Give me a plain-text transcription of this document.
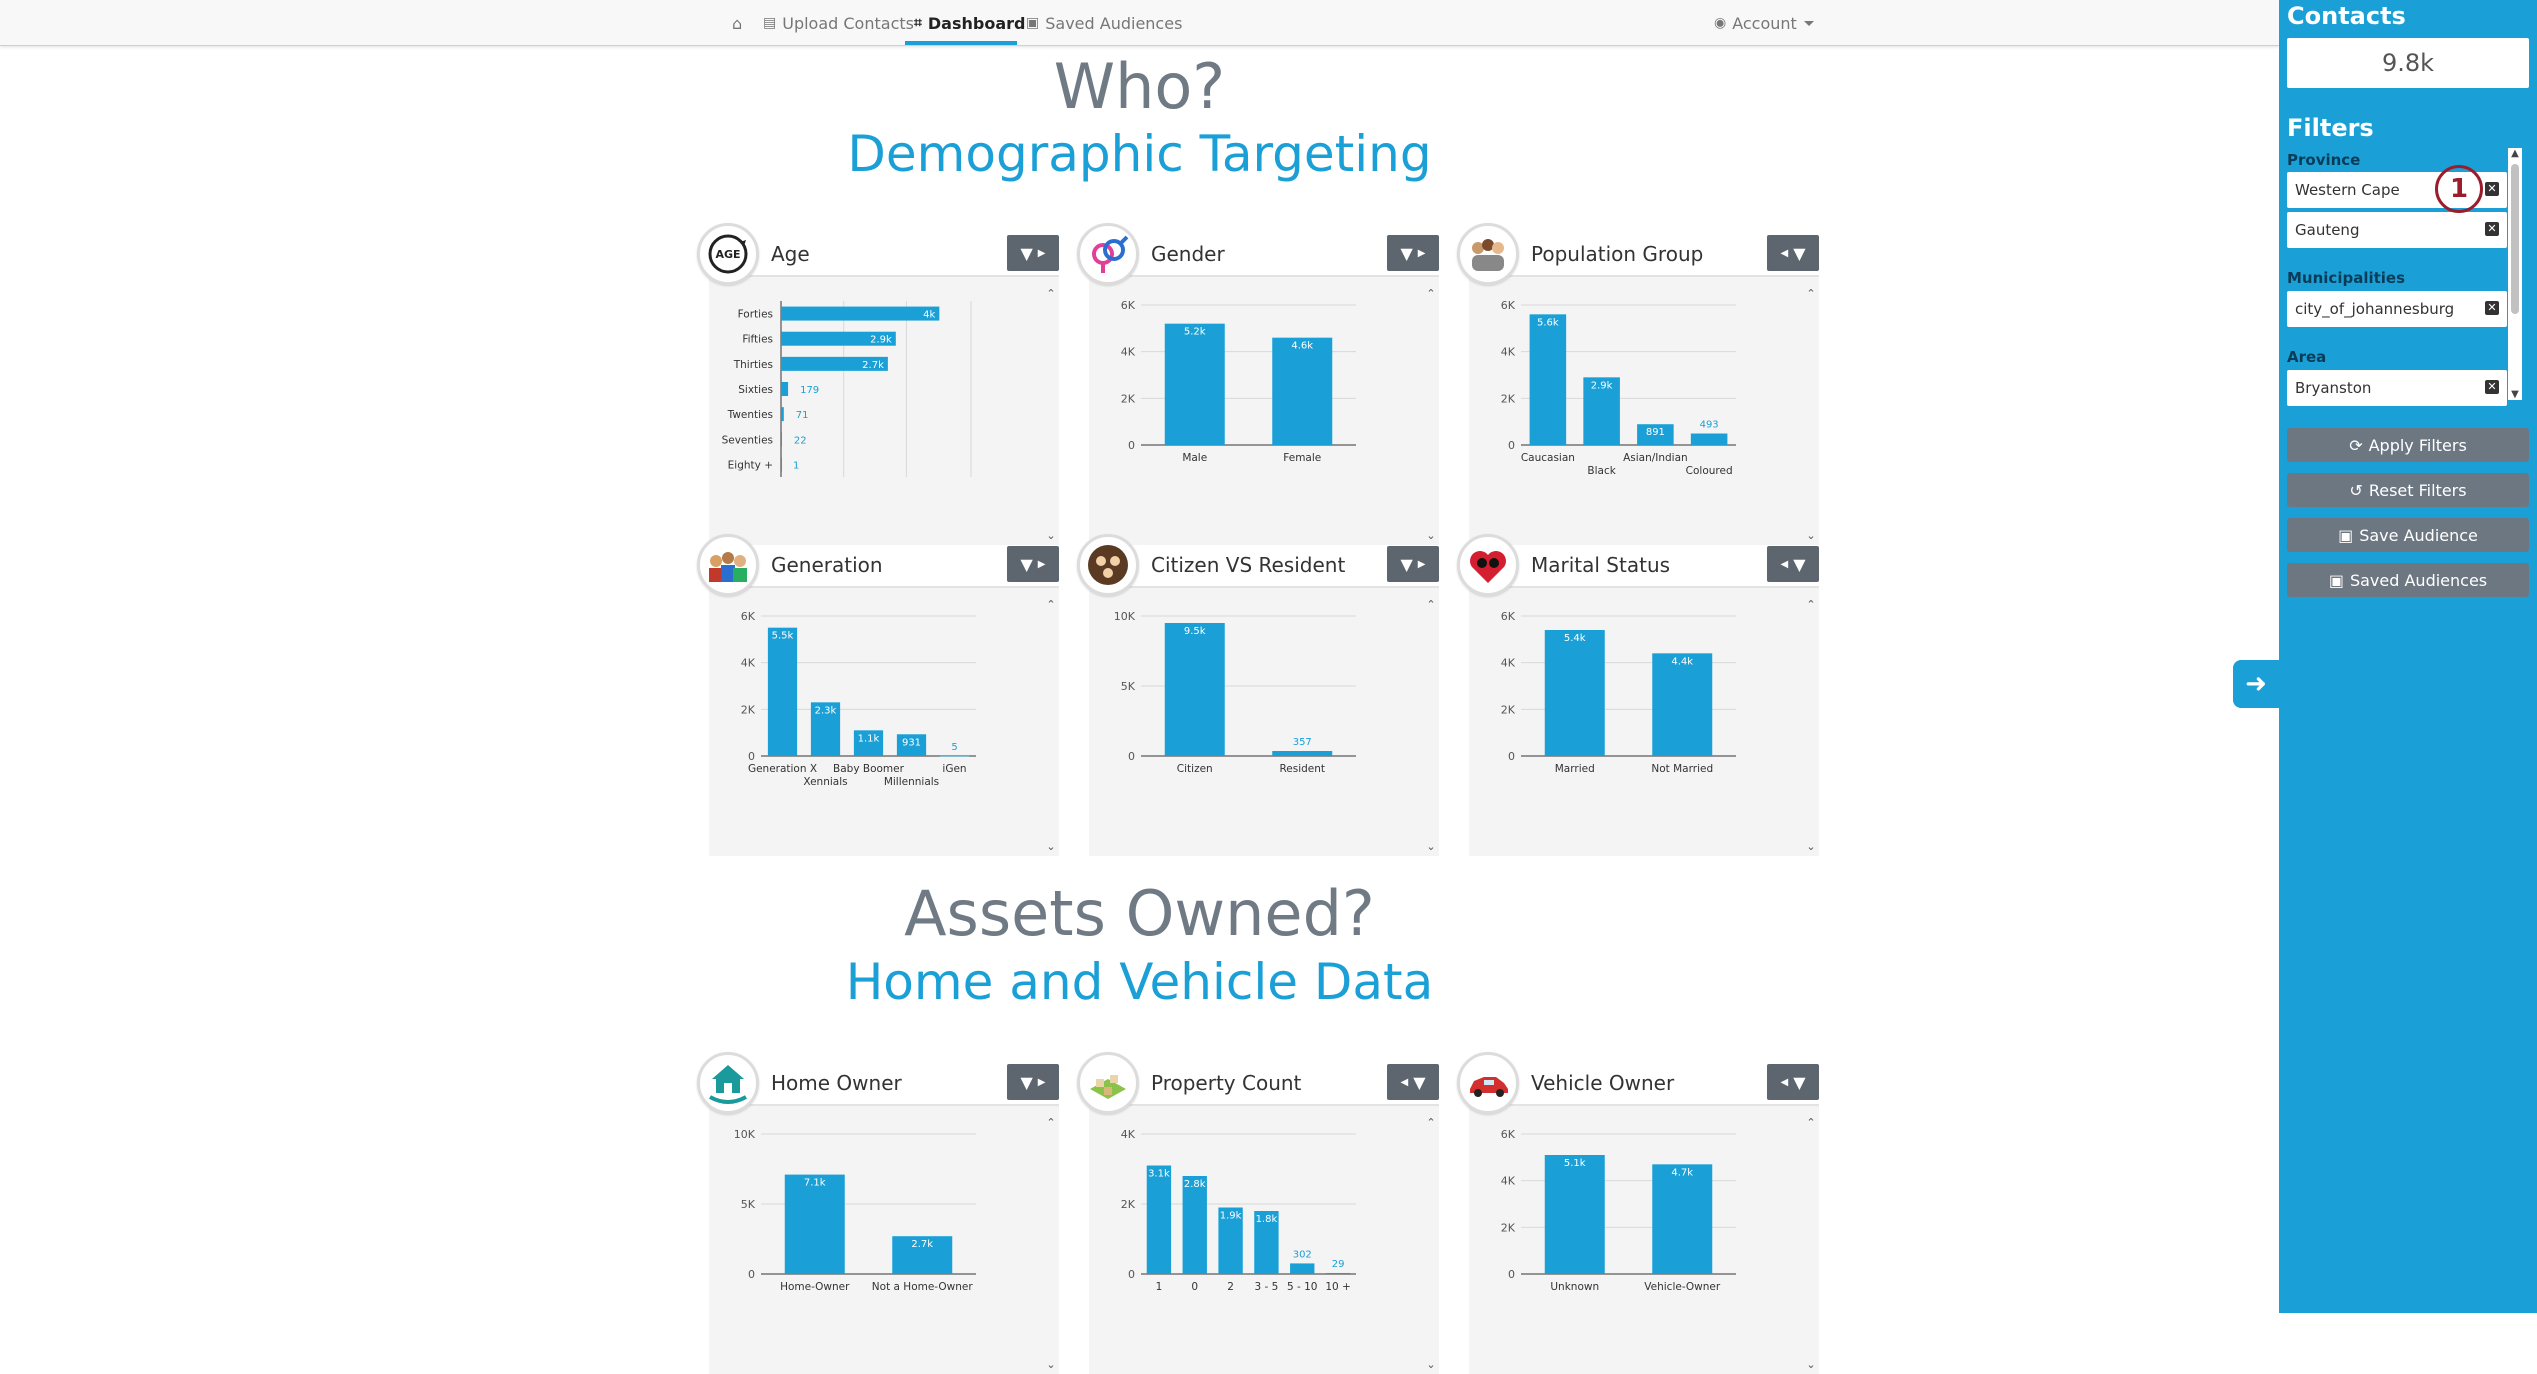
⌂ ▤ Upload Contacts ⌗ Dashboard ▣ Saved Audiences	◉ Account
Who?
Demographic Targeting
Assets Owned?
Home and Vehicle Data
AGE Age	▼ ▶
4k
Forties
2.9k
Fifties
2.7k
Thirties
179
Sixties
71
Twenties
22
Seventies
1
Eighty +
⌃
⌄
Gender	▼ ▶
0
2K
4K
6K
5.2k
Male
4.6k
Female
⌃
⌄
Population Group	◀ ▼
0
2K
4K
6K
5.6k
Caucasian
2.9k
Black
891
Asian/Indian
493
Coloured
⌃
⌄
Generation	▼ ▶
0
2K
4K
6K
5.5k
Generation X
2.3k
Xennials
1.1k
Baby Boomer
931
Millennials
5
iGen
⌃
⌄
Citizen VS Resident	▼ ▶
0
5K
10K
9.5k
Citizen
357
Resident
⌃
⌄
Marital Status	◀ ▼
0
2K
4K
6K
5.4k
Married
4.4k
Not Married
⌃
⌄
Home Owner	▼ ▶
0
5K
10K
7.1k
Home-Owner
2.7k
Not a Home-Owner
⌃
⌄
Property Count	◀ ▼
0
2K
4K
3.1k
1
2.8k
0
1.9k
2
1.8k
3 - 5
302
5 - 10
29
10 +
⌃
⌄
Vehicle Owner	◀ ▼
0
2K
4K
6K
5.1k
Unknown
4.7k
Vehicle-Owner
⌃
⌄
➜
Contacts
9.8k
Filters
Province
Western Cape	✕
Gauteng	✕
Municipalities
city_of_johannesburg	✕
Area
Bryanston	✕
⟳ Apply Filters
↺ Reset Filters
▣ Save Audience
▣ Saved Audiences
▲
▼
1
